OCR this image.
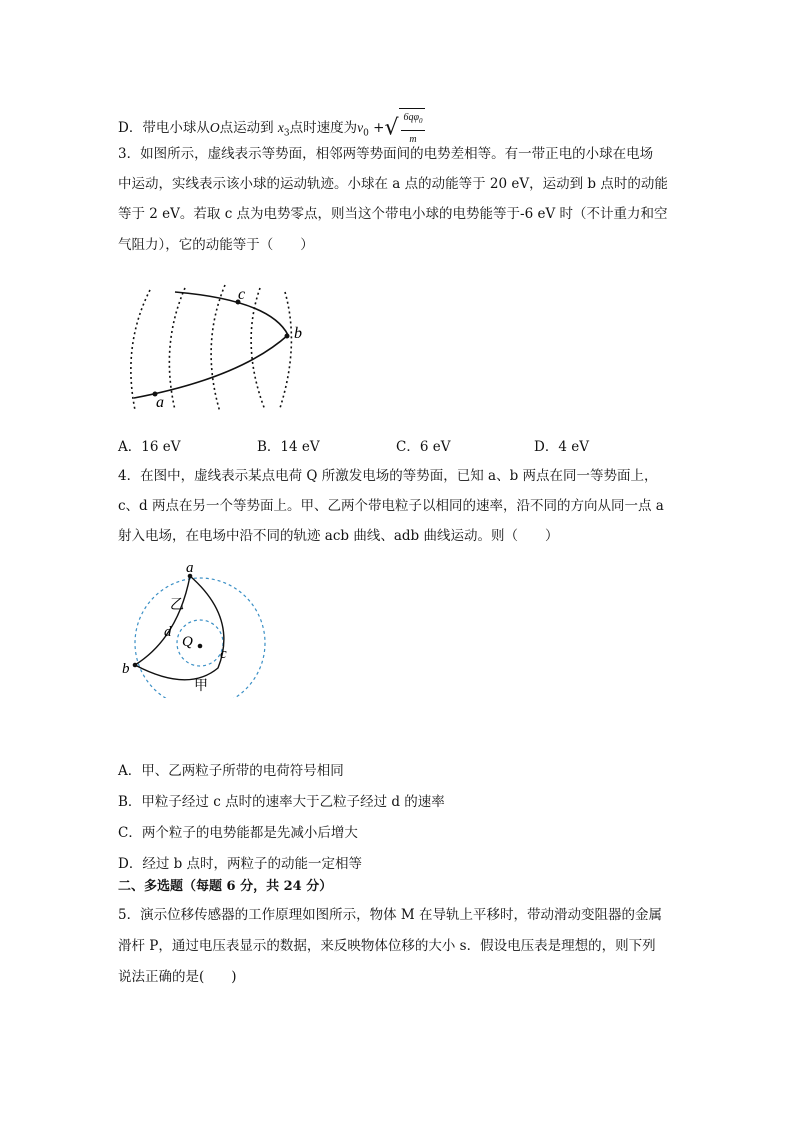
D．带电小球从O点运动到 $x_3$点时速度为$v_0$ +√ $\frac{6q\varphi_0}{m}$
3．如图所示，虚线表示等势面，相邻两等势面间的电势差相等。有一带正电的小球在电场
中运动，实线表示该小球的运动轨迹。小球在 a 点的动能等于 20 eV，运动到 b 点时的动能
等于 2 eV。若取 c 点为电势零点，则当这个带电小球的电势能等于-6 eV 时（不计重力和空
气阻力），它的动能等于（　　）
a
c
b
A．16 eV	B．14 eV	C．6 eV	D．4 eV
4．在图中，虚线表示某点电荷 Q 所激发电场的等势面，已知 a、b 两点在同一等势面上，
c、d 两点在另一个等势面上。甲、乙两个带电粒子以相同的速率，沿不同的方向从同一点 a
射入电场，在电场中沿不同的轨迹 acb 曲线、adb 曲线运动。则（　　）
a
b
c
d
Q
乙
甲
A．甲、乙两粒子所带的电荷符号相同
B．甲粒子经过 c 点时的速率大于乙粒子经过 d 的速率
C．两个粒子的电势能都是先减小后增大
D．经过 b 点时，两粒子的动能一定相等
二、多选题（每题 6 分，共 24 分）
5．演示位移传感器的工作原理如图所示，物体 M 在导轨上平移时，带动滑动变阻器的金属
滑杆 P，通过电压表显示的数据，来反映物体位移的大小 s．假设电压表是理想的，则下列
说法正确的是(　　)
